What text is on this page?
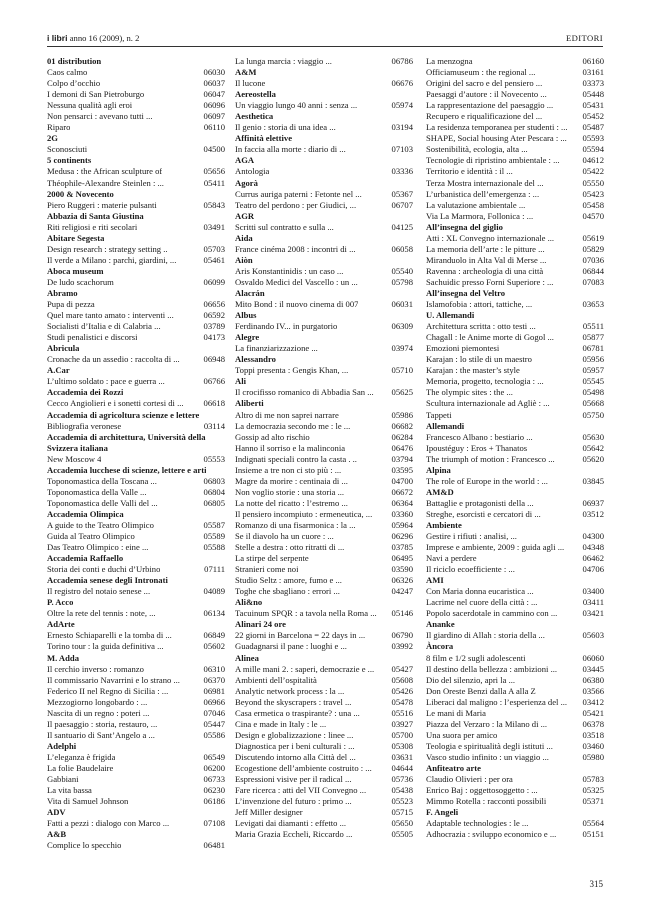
i libri anno 16 (2009), n. 2	EDITORI
01 distribution
Caos calmo	06030
Colpo d’occhio	06037
I demoni di San Pietroburgo	06047
Nessuna qualità agli eroi	06096
Non pensarci : avevano tutti ...	06097
Riparo	06110
2G
Sconosciuti	04500
5 continents
Medusa : the African sculpture of	05656
Théophile-Alexandre Steinlen : ...	05411
2000 & Novecento
Piero Ruggeri : materie pulsanti	05843
Abbazia di Santa Giustina
Riti religiosi e riti secolari	03491
Abitare Segesta
Design research : strategy setting ..	05703
Il verde a Milano : parchi, giardini, ...	05461
Aboca museum
De ludo scachorum	06099
Abramo
Pupa di pezza	06656
Quel mare tanto amato : interventi ...	06592
Socialisti d’Italia e di Calabria ...	03789
Studi penalistici e discorsi	04173
Abricula
Cronache da un assedio : raccolta di ...	06948
A.Car
L’ultimo soldato : pace e guerra ...	06766
Accademia dei Rozzi
Cecco Angiolieri e i sonetti cortesi di ... 06618
Accademia di agricoltura scienze e lettere
Bibliografia veronese	03114
Accademia di architettura, Università della
Svizzera italiana
New Moscow 4	05553
Accademia lucchese di scienze, lettere e arti
Toponomastica della Toscana ...	06803
Toponomastica della Valle ...	06804
Toponomastica delle Valli del ...	06805
Accademia Olimpica
A guide to the Teatro Olimpico	05587
Guida al Teatro Olimpico	05589
Das Teatro Olimpico : eine ...	05588
Accademia Raffaello
Storia dei conti e duchi d’Urbino	07111
Accademia senese degli Intronati
Il registro del notaio senese ...	04089
P. Acco
Oltre la rete del tennis : note, ...	06134
AdArte
Ernesto Schiaparelli e la tomba di ...	06849
Torino tour : la guida definitiva ...	05602
M. Adda
Il cerchio inverso : romanzo	06310
Il commissario Navarrini e lo strano ...	06370
Federico II nel Regno di Sicilia : ...	06981
Mezzogiorno longobardo : ...	06966
Nascita di un regno : poteri ...	07046
Il paesaggio : storia, restauro, ...	05447
Il santuario di Sant’Angelo a ...	05586
Adelphi
L’eleganza è frigida	06549
La folie Baudelaire	06200
Gabbiani	06733
La vita bassa	06230
Vita di Samuel Johnson	06186
ADV
Fatti a pezzi : dialogo con Marco ...	07108
A&B
Complice lo specchio	06481
La lunga marcia : viaggio ...	06786
A&M
Il lucone	06676
Aereostella
Un viaggio lungo 40 anni : senza ...	05974
Aesthetica
Il genio : storia di una idea ...	03194
Affinità elettive
In faccia alla morte : diario di ...	07103
AGA
Antologia	03336
Agorà
Currus auriga paterni : Fetonte nel ...	05367
Teatro del perdono : per Giudici, ...	06707
AGR
Scritti sul contratto e sulla ...	04125
Aida
France cinéma 2008 : incontri di ...	06058
Aiòn
Aris Konstantinidis : un caso ...	05540
Osvaldo Medici del Vascello : un ...	05798
Alacrán
Mito Bond : il nuovo cinema di 007	06031
Albus
Ferdinando IV... in purgatorio	06309
Alegre
La finanziarizzazione ...	03974
Alessandro
Toppi presenta : Gengis Khan, ...	05710
Ali
Il crocifisso romanico di Abbadia San ... 05625
Aliberti
Altro di me non saprei narrare	05986
La democrazia secondo me : le ...	06682
Gossip ad alto rischio	06284
Hanno il sorriso e la malinconia	06476
Indignati speciali contro la casta . ..	03794
Insieme a tre non ci sto più : ...	03595
Magre da morire : centinaia di ...	04700
Non voglio storie : una storia ...	06672
La notte del ricatto : l’estremo ...	06364
Il pensiero incompiuto : ermeneutica, ... 03360
Romanzo di una fisarmonica : la ...	05964
Se il diavolo ha un cuore : ...	06296
Stelle a destra : otto ritratti di ...	03785
La stirpe del serpente	06495
Stranieri come noi	03590
Studio Seltz : amore, fumo e ...	06326
Toghe che sbagliano : errori ...	04247
Ali&no
Tacuinum SPQR : a tavola nella Roma ... 05146
Alinari 24 ore
22 giorni in Barcelona = 22 days in ...	06790
Guadagnarsi il pane : luoghi e ...	03992
Alinea
A mille mani 2. : saperi, democrazie e ... 05427
Ambienti dell’ospitalità	05608
Analytic network process : la ...	05426
Beyond the skyscrapers : travel ...	05478
Casa ermetica o traspirante? : una ...	05516
Cina e made in Italy : le ...	03927
Design e globalizzazione : linee ...	05700
Diagnostica per i beni culturali : ...	05308
Discutendo intorno alla Città del ...	03631
Ecogestione dell’ambiente costruito : ... 04644
Espressioni visive per il radical ...	05736
Fare ricerca : atti del VII Convegno ...	05438
L’invenzione del futuro : primo ...	05523
Jeff Miller designer	05715
Levigati dai diamanti : effetto ...	05650
Maria Grazia Eccheli, Riccardo ...	05505
La menzogna	06160
Officiamuseum : the regional ...	03161
Origini del sacro e del pensiero ...	03373
Paesaggi d’autore : il Novecento ...	05448
La rappresentazione del paesaggio ...	05431
Recupero e riqualificazione del ...	05452
La residenza temporanea per studenti : ... 05487
SHAPE, Social housing Ater Pescara : ... 05593
Sostenibilità, ecologia, alta ...	05594
Tecnologie di ripristino ambientale : ...	04612
Territorio e identità : il ...	05422
Terza Mostra internazionale del ...	05550
L’urbanistica dell’emergenza : ...	05423
La valutazione ambientale ...	05458
Via La Marmora, Follonica : ...	04570
All’insegna del giglio
Atti : XL Convegno internazionale ...	05619
La memoria dell’arte : le pitture ...	05829
Miranduolo in Alta Val di Merse ...	07036
Ravenna : archeologia di una città	06844
Sachuidic presso Forni Superiore : ...	07083
All’insegna del Veltro
Islamofobia : attori, tattiche, ...	03653
U. Allemandi
Architettura scritta : otto testi ...	05511
Chagall : le Anime morte di Gogol ...	05877
Emozioni piemontesi	06781
Karajan : lo stile di un maestro	05956
Karajan : the master’s style	05957
Memoria, progetto, tecnologia : ...	05545
The olympic sites : the ...	05498
Scultura internazionale ad Agliè : ...	05668
Tappeti	05750
Allemandi
Francesco Albano : bestiario ...	05630
Ipoustéguy : Eros + Thanatos	05642
The triumph of motion : Francesco ...	05620
Alpina
The role of Europe in the world : ...	03845
AM&D
Battaglie e protagonisti della ...	06937
Streghe, esorcisti e cercatori di ...	03512
Ambiente
Gestire i rifiuti : analisi, ...	04300
Imprese e ambiente, 2009 : guida agli ... 04348
Navi a perdere	06462
Il riciclo ecoefficiente : ...	04706
AMI
Con Maria donna eucaristica ...	03400
Lacrime nel cuore della città : ...	03411
Popolo sacerdotale in cammino con ...	03421
Ananke
Il giardino di Allah : storia della ...	05603
Àncora
8 film e 1/2 sugli adolescenti	06060
Il destino della bellezza : ambizioni ...	03445
Dio del silenzio, apri la ...	06380
Don Oreste Benzi dalla A alla Z	03566
Liberaci dal maligno : l’esperienza del ... 03412
Le mani di Maria	05421
Piazza del Verzaro : la Milano di ...	06378
Una suora per amico	03518
Teologia e spiritualità degli istituti ...	03460
Vasco studio infinito : un viaggio ...	05980
Anfiteatro arte
Claudio Olivieri : per ora	05783
Enrico Baj : oggettosoggetto : ...	05325
Mimmo Rotella : racconti possibili	05371
F. Angeli
Adaptable technologies : le ...	05564
Adhocrazia : sviluppo economico e ...	05151
315
